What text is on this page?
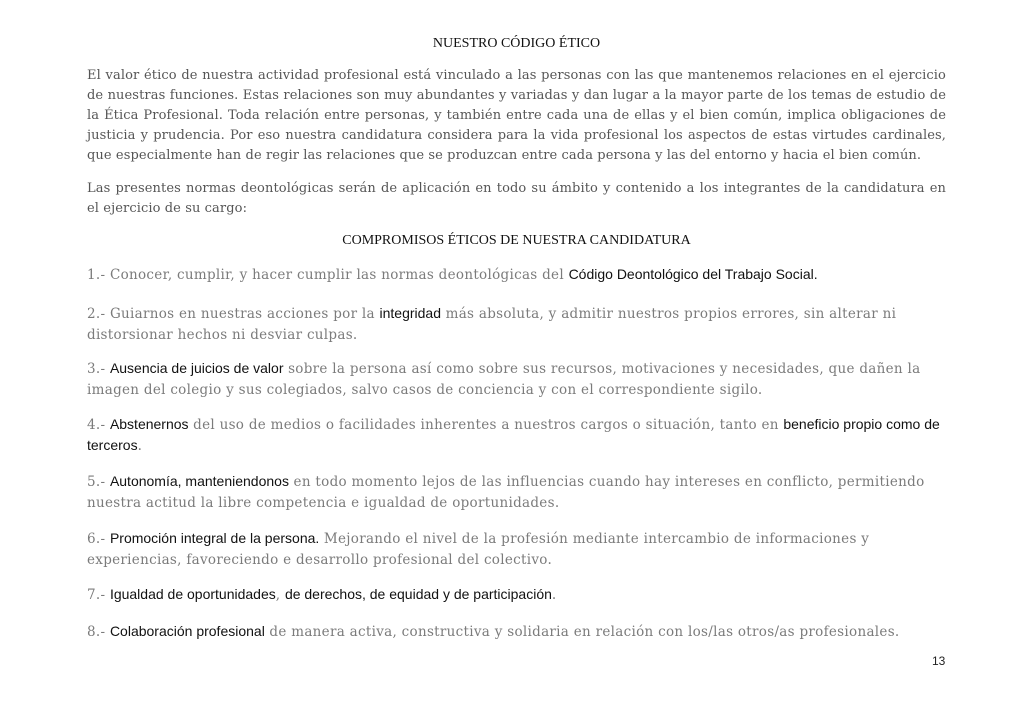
NUESTRO CÓDIGO ÉTICO

El valor ético de nuestra actividad profesional está vinculado a las personas con las que mantenemos relaciones en el ejercicio de nuestras funciones. Estas relaciones son muy abundantes y variadas y dan lugar a la mayor parte de los temas de estudio de la Ética Profesional. Toda relación entre personas, y también entre cada una de ellas y el bien común, implica obligaciones de justicia y prudencia. Por eso nuestra candidatura considera para la vida profesional los aspectos de estas virtudes cardinales, que especialmente han de regir las relaciones que se produzcan entre cada persona y las del entorno y hacia el bien común.

Las presentes normas deontológicas serán de aplicación en todo su ámbito y contenido a los integrantes de la candidatura en el ejercicio de su cargo:

COMPROMISOS ÉTICOS DE NUESTRA CANDIDATURA

1.- Conocer, cumplir, y hacer cumplir las normas deontológicas del Código Deontológico del Trabajo Social.

2.- Guiarnos en nuestras acciones por la integridad más absoluta, y admitir nuestros propios errores, sin alterar ni distorsionar hechos ni desviar culpas.

3.- Ausencia de juicios de valor sobre la persona así como sobre sus recursos, motivaciones y necesidades, que dañen la imagen del colegio y sus colegiados, salvo casos de conciencia y con el correspondiente sigilo.

4.- Abstenernos del uso de medios o facilidades inherentes a nuestros cargos o situación, tanto en beneficio propio como de terceros.

5.- Autonomía, manteniendonos en todo momento lejos de las influencias cuando hay intereses en conflicto, permitiendo nuestra actitud la libre competencia e igualdad de oportunidades.

6.- Promoción integral de la persona. Mejorando el nivel de la profesión mediante intercambio de informaciones y experiencias, favoreciendo e desarrollo profesional del colectivo.

7.- Igualdad de oportunidades, de derechos, de equidad y de participación.

8.- Colaboración profesional de manera activa, constructiva y solidaria en relación con los/las otros/as profesionales.

13
